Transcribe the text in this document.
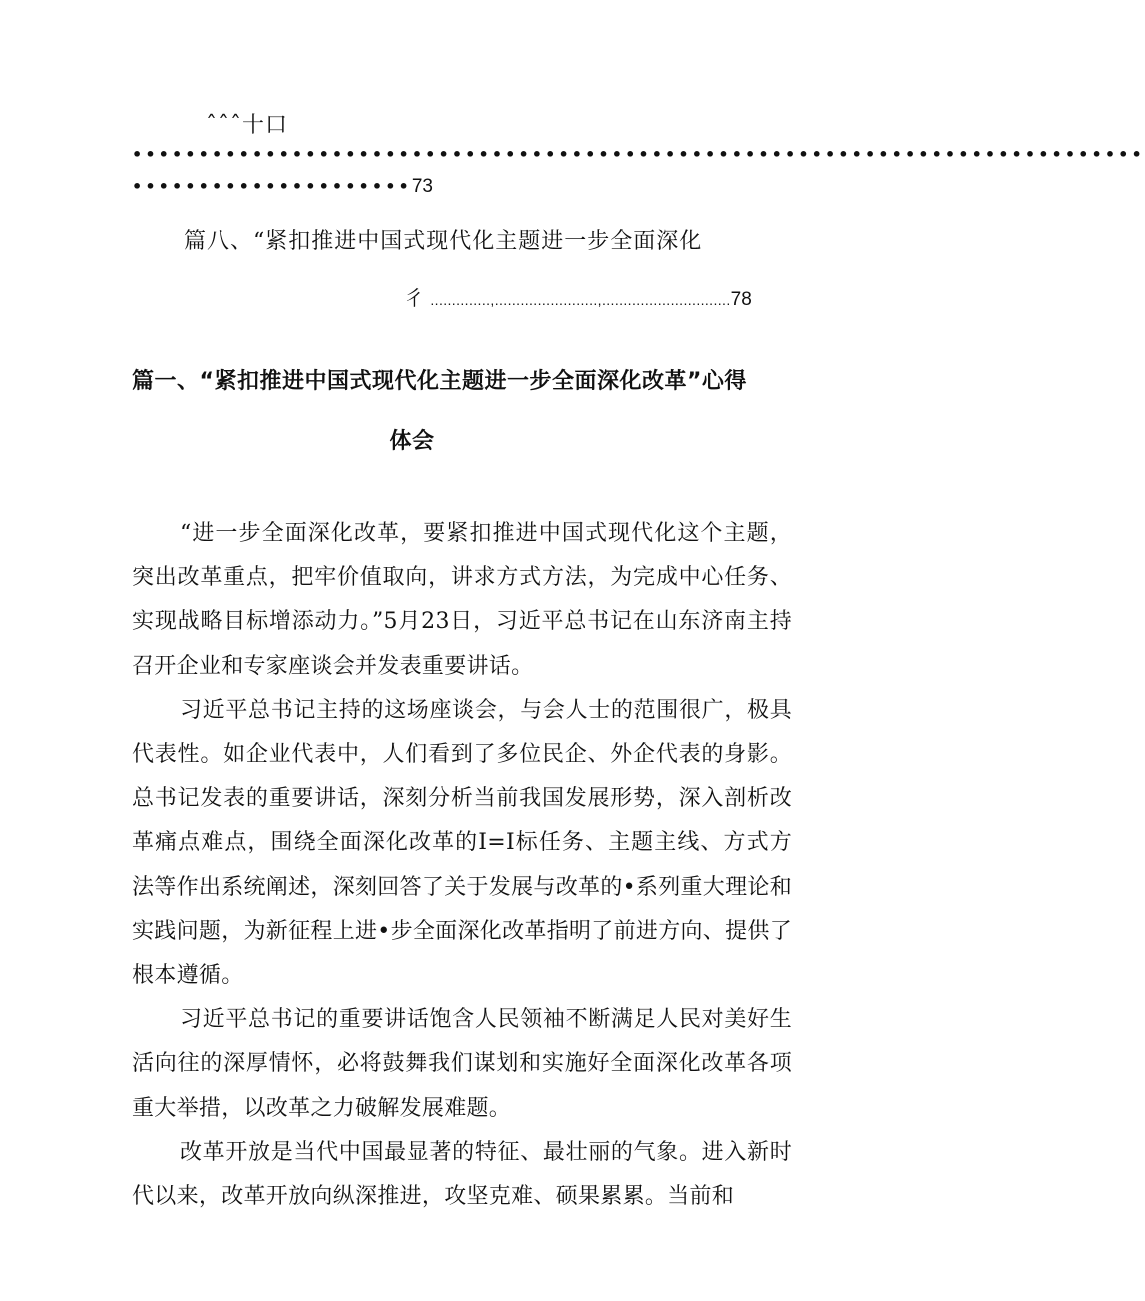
ˆˆˆ十口
••••••••••••••••••••••••••••••••••••••••••••••••••••••••••••••••••••••••••••
•••••••••••••••••••••73
篇八、“紧扣推进中国式现代化主题进一步全面深化
彳 ..............,........................,..............................78
篇一、“紧扣推进中国式现代化主题进一步全面深化改革”心得
体会

“进一步全面深化改革，要紧扣推进中国式现代化这个主题，突出改革重点，把牢价值取向，讲求方式方法，为完成中心任务、实现战略目标增添动力。”5月23日，习近平总书记在山东济南主持召开企业和专家座谈会并发表重要讲话。

习近平总书记主持的这场座谈会，与会人士的范围很广，极具代表性。如企业代表中，人们看到了多位民企、外企代表的身影。总书记发表的重要讲话，深刻分析当前我国发展形势，深入剖析改革痛点难点，围绕全面深化改革的I=I标任务、主题主线、方式方法等作出系统阐述，深刻回答了关于发展与改革的•系列重大理论和实践问题，为新征程上进•步全面深化改革指明了前进方向、提供了根本遵循。

习近平总书记的重要讲话饱含人民领袖不断满足人民对美好生活向往的深厚情怀，必将鼓舞我们谋划和实施好全面深化改革各项重大举措，以改革之力破解发展难题。

改革开放是当代中国最显著的特征、最壮丽的气象。进入新时代以来，改革开放向纵深推进，攻坚克难、硕果累累。当前和
